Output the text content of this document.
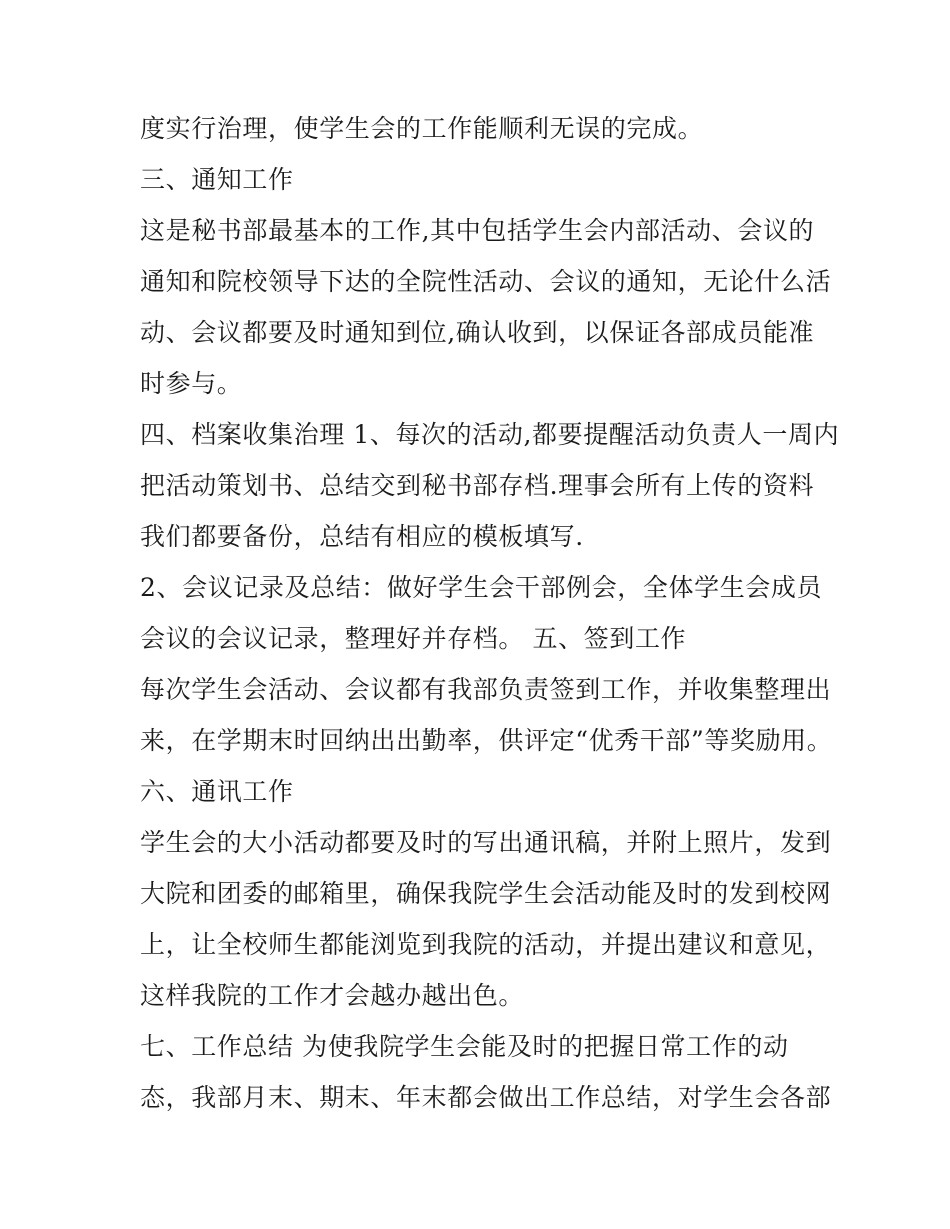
度实行治理，使学生会的工作能顺利无误的完成。
三、通知工作
这是秘书部最基本的工作,其中包括学生会内部活动、会议的
通知和院校领导下达的全院性活动、会议的通知，无论什么活
动、会议都要及时通知到位,确认收到，以保证各部成员能准
时参与。
四、档案收集治理 1、每次的活动,都要提醒活动负责人一周内
把活动策划书、总结交到秘书部存档.理事会所有上传的资料
我们都要备份，总结有相应的模板填写.
2、会议记录及总结：做好学生会干部例会，全体学生会成员
会议的会议记录，整理好并存档。 五、签到工作
每次学生会活动、会议都有我部负责签到工作，并收集整理出
来，在学期末时回纳出出勤率，供评定“优秀干部”等奖励用。
六、通讯工作
学生会的大小活动都要及时的写出通讯稿，并附上照片，发到
大院和团委的邮箱里，确保我院学生会活动能及时的发到校网
上，让全校师生都能浏览到我院的活动，并提出建议和意见，
这样我院的工作才会越办越出色。
七、工作总结 为使我院学生会能及时的把握日常工作的动
态，我部月末、期末、年末都会做出工作总结，对学生会各部
